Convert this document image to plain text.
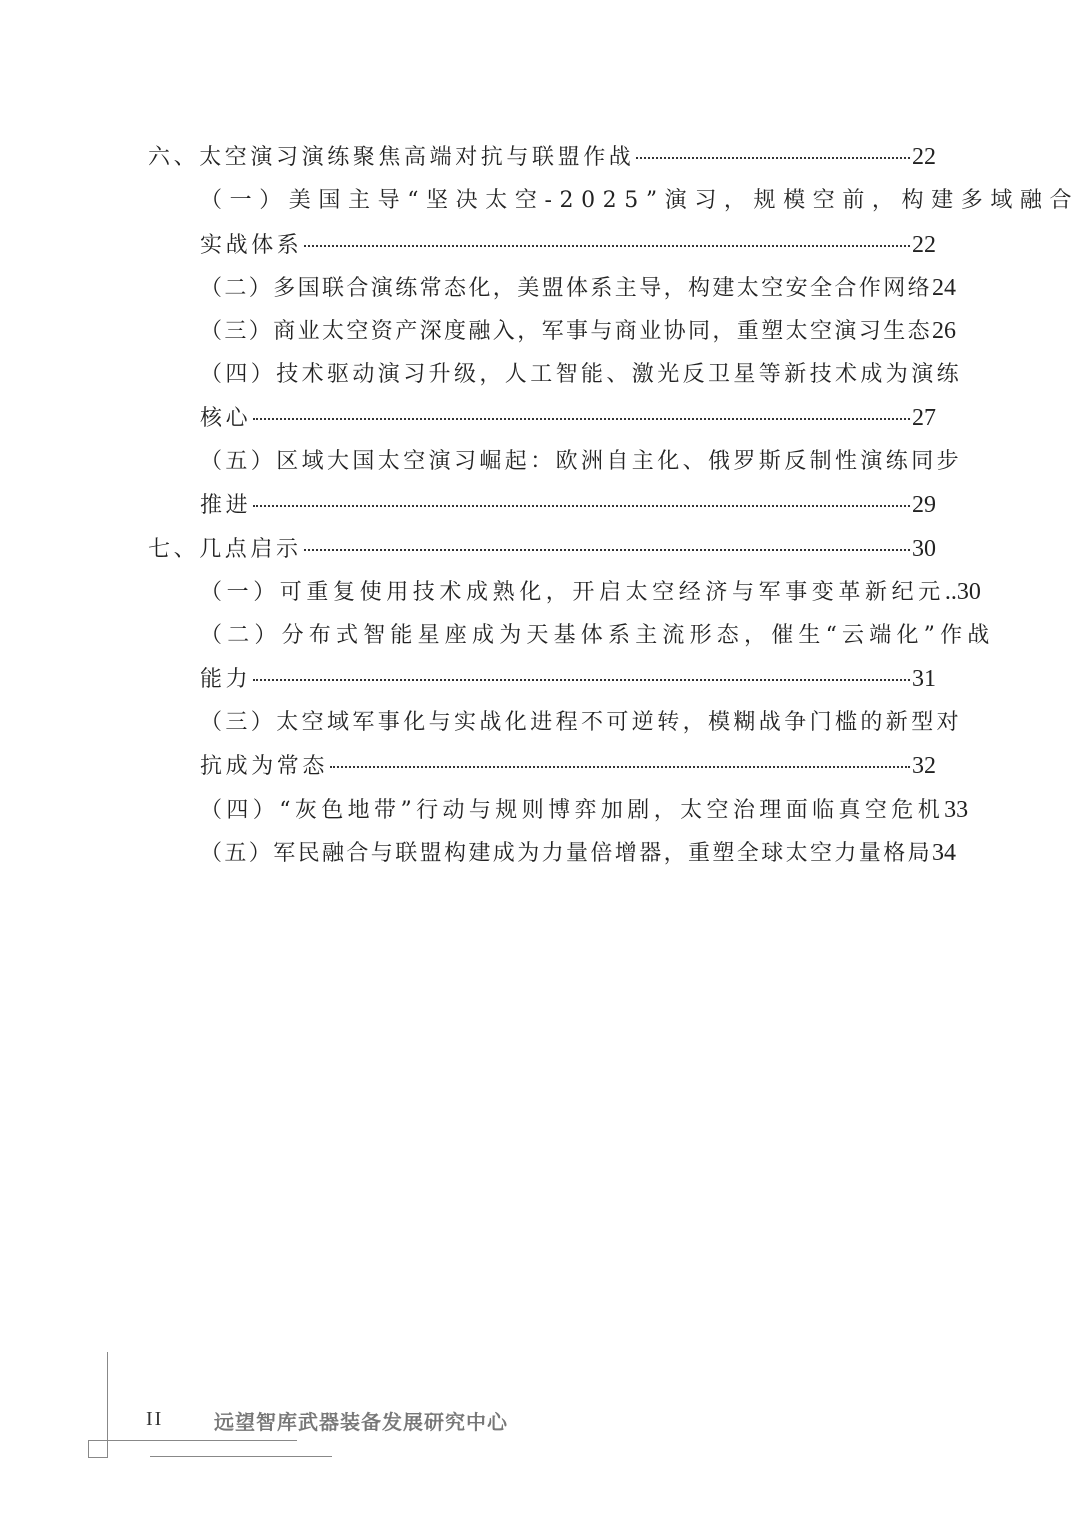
六、太空演习演练聚焦高端对抗与联盟作战	22
（一）美国主导“坚决太空-2025”演习，规模空前，构建多域融合
实战体系	22
（二）多国联合演练常态化，美盟体系主导，构建太空安全合作网络24
（三）商业太空资产深度融入，军事与商业协同，重塑太空演习生态26
（四）技术驱动演习升级，人工智能、激光反卫星等新技术成为演练
核心	27
（五）区域大国太空演习崛起：欧洲自主化、俄罗斯反制性演练同步
推进	29
七、几点启示	30
（一）可重复使用技术成熟化，开启太空经济与军事变革新纪元..30
（二）分布式智能星座成为天基体系主流形态，催生“云端化”作战
能力	31
（三）太空域军事化与实战化进程不可逆转，模糊战争门槛的新型对
抗成为常态	32
（四）“灰色地带”行动与规则博弈加剧，太空治理面临真空危机33
（五）军民融合与联盟构建成为力量倍增器，重塑全球太空力量格局34
II	远望智库武器装备发展研究中心
